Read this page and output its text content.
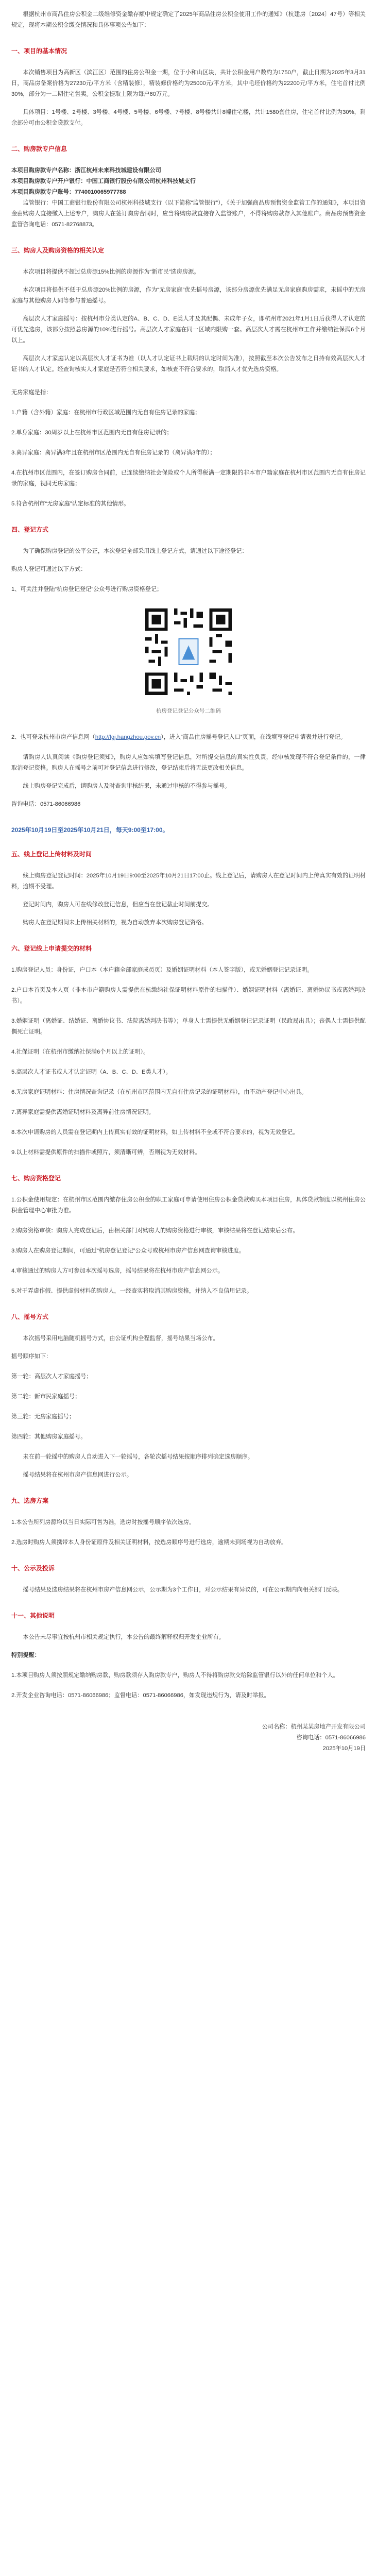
根据杭州市商品住房公积金二级维修资金缴存额中规定确定了2025年商品住房公积金使用工作的通知》（杭建房〔2024〕47号）等相关规定，现将本期公积金缴交情况和具体事项公告如下：

一、项目的基本情况

本次销售项目为高新区（滨江区）范围的住房公积金一期，位于小和山区块，共计公积金用户数约为1750户，截止日期为2025年3月31日，商品房备案价格为27230元/平方米（含精装修），精装修价格约为25000元/平方米，其中毛坯价格约为22200元/平方米，住宅首付比例30%，部分为一二期住宅售卖。公积金提取上限为每户60万元。

具体项目：1号楼、2号楼、3号楼、4号楼、5号楼、6号楼、7号楼、8号楼共计8幢住宅楼，共计1580套住房，住宅首付比例为30%，剩余部分可由公积金贷款支付。

二、购房款专户信息

本项目购房款专户名称：浙江杭州未来科技城建设有限公司

本项目购房款专户开户银行：中国工商银行股份有限公司杭州科技城支行

本项目购房款专户账号：7740010065977788

监管银行：中国工商银行股份有限公司杭州科技城支行（以下简称“监管银行”），《关于加强商品房预售资金监管工作的通知》，本项目资金由购房人直接缴入上述专户，购房人在签订购房合同时，应当将购房款直接存入监管账户，不得将购房款存入其他账户。商品房预售资金监管咨询电话：0571-82768873。

三、购房人及购房资格的相关认定

本次项目将提供不超过总房源15%比例的房源作为“新市民”选房房源。

本次项目将提供不低于总房源20%比例的房源，作为“无房家庭”优先摇号房源，该部分房源优先满足无房家庭购房需求，未摇中的无房家庭与其他购房人同等参与普通摇号。

高层次人才家庭摇号：按杭州市分类认定的A、B、C、D、E类人才及其配偶、未成年子女，即杭州市2021年1月1日后获得人才认定的可优先选房，该部分按照总房源的10%进行摇号。高层次人才家庭在同一区域内限购一套。高层次人才需在杭州市工作并缴纳社保满6个月以上。

高层次人才家庭认定以高层次人才证书为准（以人才认定证书上载明的认定时间为准），按照截至本次公告发布之日持有效高层次人才证书的人才认定。经查询核实人才家庭是否符合相关要求，如核查不符合要求的，取消人才优先选房资格。

无房家庭是指：

1.户籍（含外籍）家庭：在杭州市行政区域范围内无自有住房记录的家庭；

2.单身家庭：30周岁以上在杭州市区范围内无自有住房记录的；

3.离异家庭：离异满3年且在杭州市区范围内无自有住房记录的（离异满3年的）；

4.在杭州市区范围内，在签订购房合同前，已连续缴纳社会保险或个人所得税满一定期限的非本市户籍家庭在杭州市区范围内无自有住房记录的家庭，视同无房家庭；

5.符合杭州市“无房家庭”认定标准的其他情形。

四、登记方式

为了确保购房登记的公平公正，本次登记全部采用线上登记方式，请通过以下途径登记：

购房人登记可通过以下方式：

1、可关注并登陆“杭房登记登记”公众号进行购房资格登记；

杭房登记登记公众号二维码

2、也可登录杭州市房产信息网（http://fgj.hangzhou.gov.cn），进入“商品住房摇号登记入口”页面，在线填写登记申请表并进行登记。

请购房人认真阅读《购房登记须知》，购房人应如实填写登记信息，对所提交信息的真实性负责，经审核发现不符合登记条件的，一律取消登记资格。购房人在摇号之前可对登记信息进行修改，登记结束后将无法更改相关信息。

线上购房登记完成后，请购房人及时查询审核结果，未通过审核的不得参与摇号。

咨询电话：0571-86066986

2025年10月19日至2025年10月21日，每天9:00至17:00。
五、线上登记上传材料及时间

线上购房登记登记时间：2025年10月19日9:00至2025年10月21日17:00止。线上登记后，请购房人在登记时间内上传真实有效的证明材料，逾期不受理。

登记时间内，购房人可在线修改登记信息，但应当在登记截止时间前提交。

购房人在登记期间未上传相关材料的，视为自动放弃本次购房登记资格。

六、登记线上申请提交的材料

1.购房登记人员：身份证，户口本（本户籍全部家庭成员页）及婚姻证明材料（本人签字版），或无婚姻登记记录证明。

2.户口本首页及本人页（非本市户籍购房人需提供在杭缴纳社保证明材料原件的扫描件）、婚姻证明材料（离婚证、离婚协议书或离婚判决书）。

3.婚姻证明（离婚证、结婚证、离婚协议书、法院离婚判决书等）；单身人士需提供无婚姻登记记录证明（民政局出具）；丧偶人士需提供配偶死亡证明。

4.社保证明（在杭州市缴纳社保满6个月以上的证明）。

5.高层次人才证书或人才认定证明（A、B、C、D、E类人才）。

6.无房家庭证明材料：住房情况查询记录（在杭州市区范围内无自有住房记录的证明材料），由不动产登记中心出具。

7.离异家庭需提供离婚证明材料及离异前住房情况证明。

8.本次申请购房的人员需在登记期内上传真实有效的证明材料，如上传材料不全或不符合要求的，视为无效登记。

9.以上材料需提供原件的扫描件或照片，须清晰可辨，否则视为无效材料。

七、购房资格登记

1.公积金使用规定：在杭州市区范围内缴存住房公积金的职工家庭可申请使用住房公积金贷款购买本项目住房，具体贷款额度以杭州住房公积金管理中心审批为准。

2.购房资格审核：购房人完成登记后，由相关部门对购房人的购房资格进行审核，审核结果将在登记结束后公布。

3.购房人在购房登记期间，可通过“杭房登记登记”公众号或杭州市房产信息网查询审核进度。

4.审核通过的购房人方可参加本次摇号选房，摇号结果将在杭州市房产信息网公示。

5.对于弄虚作假、提供虚假材料的购房人，一经查实将取消其购房资格，并纳入不良信用记录。

八、摇号方式

本次摇号采用电脑随机摇号方式，由公证机构全程监督，摇号结果当场公布。

摇号顺序如下：

第一轮：高层次人才家庭摇号；

第二轮：新市民家庭摇号；

第三轮：无房家庭摇号；

第四轮：其他购房家庭摇号。

未在前一轮摇中的购房人自动进入下一轮摇号，各轮次摇号结果按顺序排列确定选房顺序。

摇号结果将在杭州市房产信息网进行公示。

九、选房方案

1.本公告所列房源均以当日实际可售为准，选房时按摇号顺序依次选房。

2.选房时购房人须携带本人身份证原件及相关证明材料，按选房顺序号进行选房，逾期未到场视为自动放弃。

十、公示及投诉

摇号结果及选房结果将在杭州市房产信息网公示，公示期为3个工作日，对公示结果有异议的，可在公示期内向相关部门反映。

十一、其他说明

本公告未尽事宜按杭州市相关规定执行，本公告的最终解释权归开发企业所有。

特别提醒：

1.本项目购房人须按照规定缴纳购房款，购房款须存入购房款专户，购房人不得将购房款交给除监管银行以外的任何单位和个人。

2.开发企业咨询电话：0571-86066986；监督电话：0571-86066986，如发现违规行为，请及时举报。

公司名称：杭州某某房地产开发有限公司

咨询电话：0571-86066986

2025年10月19日
